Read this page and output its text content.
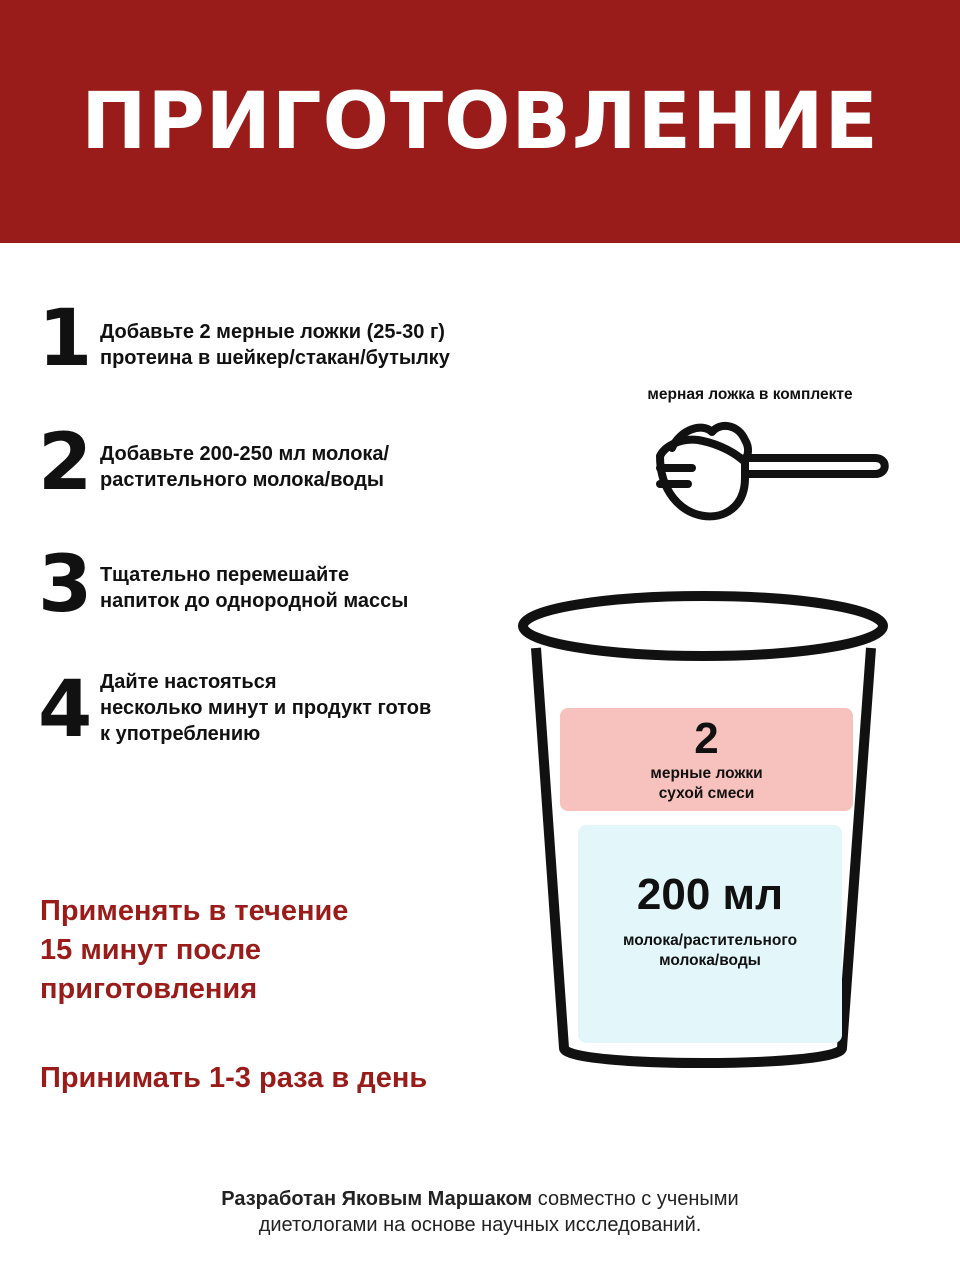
ПРИГОТОВЛЕНИЕ
1 Добавьте 2 мерные ложки (25-30 г)
протеина в шейкер/стакан/бутылку
2 Добавьте 200-250 мл молока/
растительного молока/воды
3 Тщательно перемешайте
напиток до однородной массы
4 Дайте настояться
несколько минут и продукт готов
к употреблению
Применять в течение
15 минут после
приготовления
Принимать 1-3 раза в день
мерная ложка в комплекте
2
мерные ложки
сухой смеси
200 мл
молока/растительного
молока/воды
Разработан Яковым Маршаком совместно с учеными
диетологами на основе научных исследований.
